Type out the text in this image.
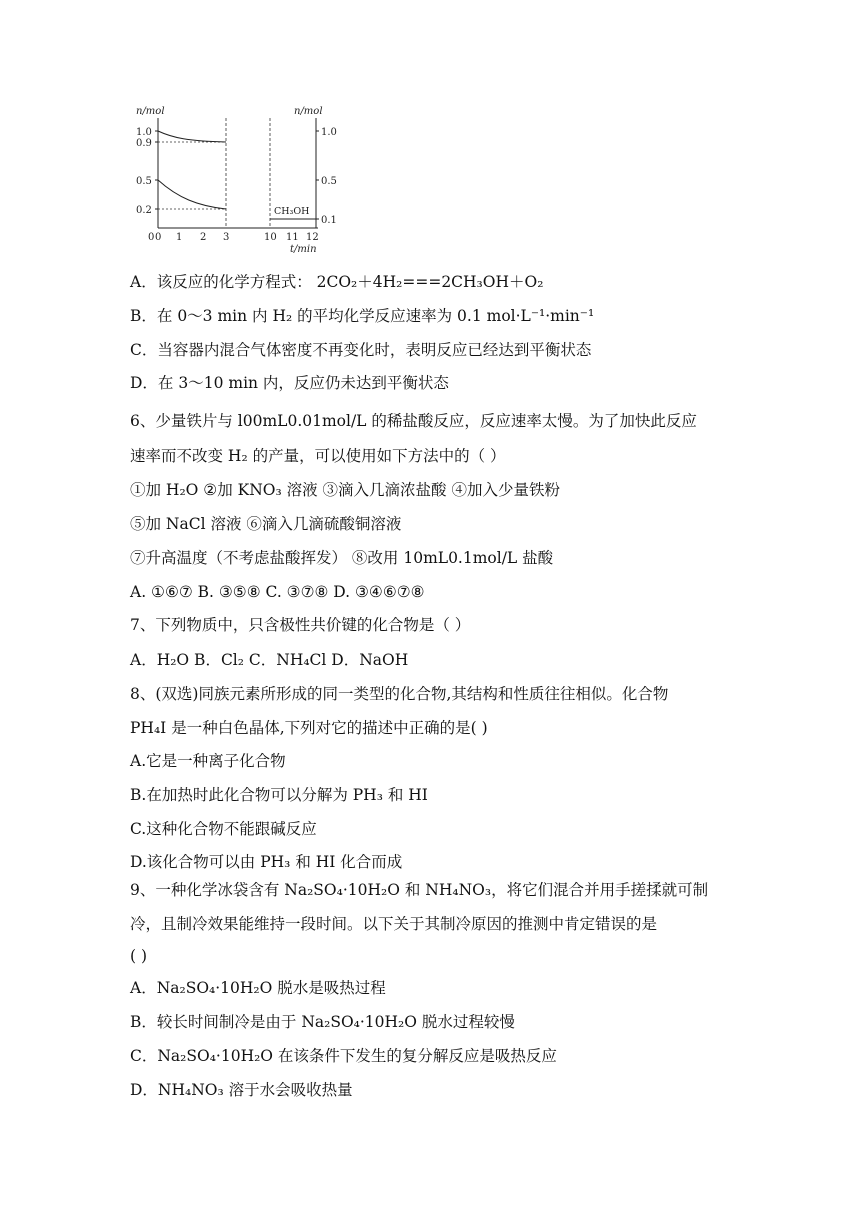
n/mol	n/mol
t/min
1.0
0.9
0.5
0.2
1.0
0.5
0.1
0 0 1 2 3	10 11 12
CH₃OH
A．该反应的化学方程式： 2CO₂＋4H₂===2CH₃OH＋O₂
B．在 0～3 min 内 H₂ 的平均化学反应速率为 0.1 mol·L⁻¹·min⁻¹
C．当容器内混合气体密度不再变化时，表明反应已经达到平衡状态
D．在 3～10 min 内，反应仍未达到平衡状态
6、少量铁片与 l00mL0.01mol/L 的稀盐酸反应，反应速率太慢。为了加快此反应
速率而不改变 H₂ 的产量，可以使用如下方法中的（ ）
①加 H₂O ②加 KNO₃ 溶液 ③滴入几滴浓盐酸 ④加入少量铁粉
⑤加 NaCl 溶液 ⑥滴入几滴硫酸铜溶液
⑦升高温度（不考虑盐酸挥发） ⑧改用 10mL0.1mol/L 盐酸
A. ①⑥⑦ B. ③⑤⑧ C. ③⑦⑧ D. ③④⑥⑦⑧
7、下列物质中，只含极性共价键的化合物是（ ）
A．H₂O B．Cl₂ C．NH₄Cl D．NaOH
8、(双选)同族元素所形成的同一类型的化合物,其结构和性质往往相似。化合物
PH₄I 是一种白色晶体,下列对它的描述中正确的是( )
A.它是一种离子化合物
B.在加热时此化合物可以分解为 PH₃ 和 HI
C.这种化合物不能跟碱反应
D.该化合物可以由 PH₃ 和 HI 化合而成
9、一种化学冰袋含有 Na₂SO₄·10H₂O 和 NH₄NO₃，将它们混合并用手搓揉就可制
冷，且制冷效果能维持一段时间。以下关于其制冷原因的推测中肯定错误的是
( )
A．Na₂SO₄·10H₂O 脱水是吸热过程
B．较长时间制冷是由于 Na₂SO₄·10H₂O 脱水过程较慢
C．Na₂SO₄·10H₂O 在该条件下发生的复分解反应是吸热反应
D．NH₄NO₃ 溶于水会吸收热量
